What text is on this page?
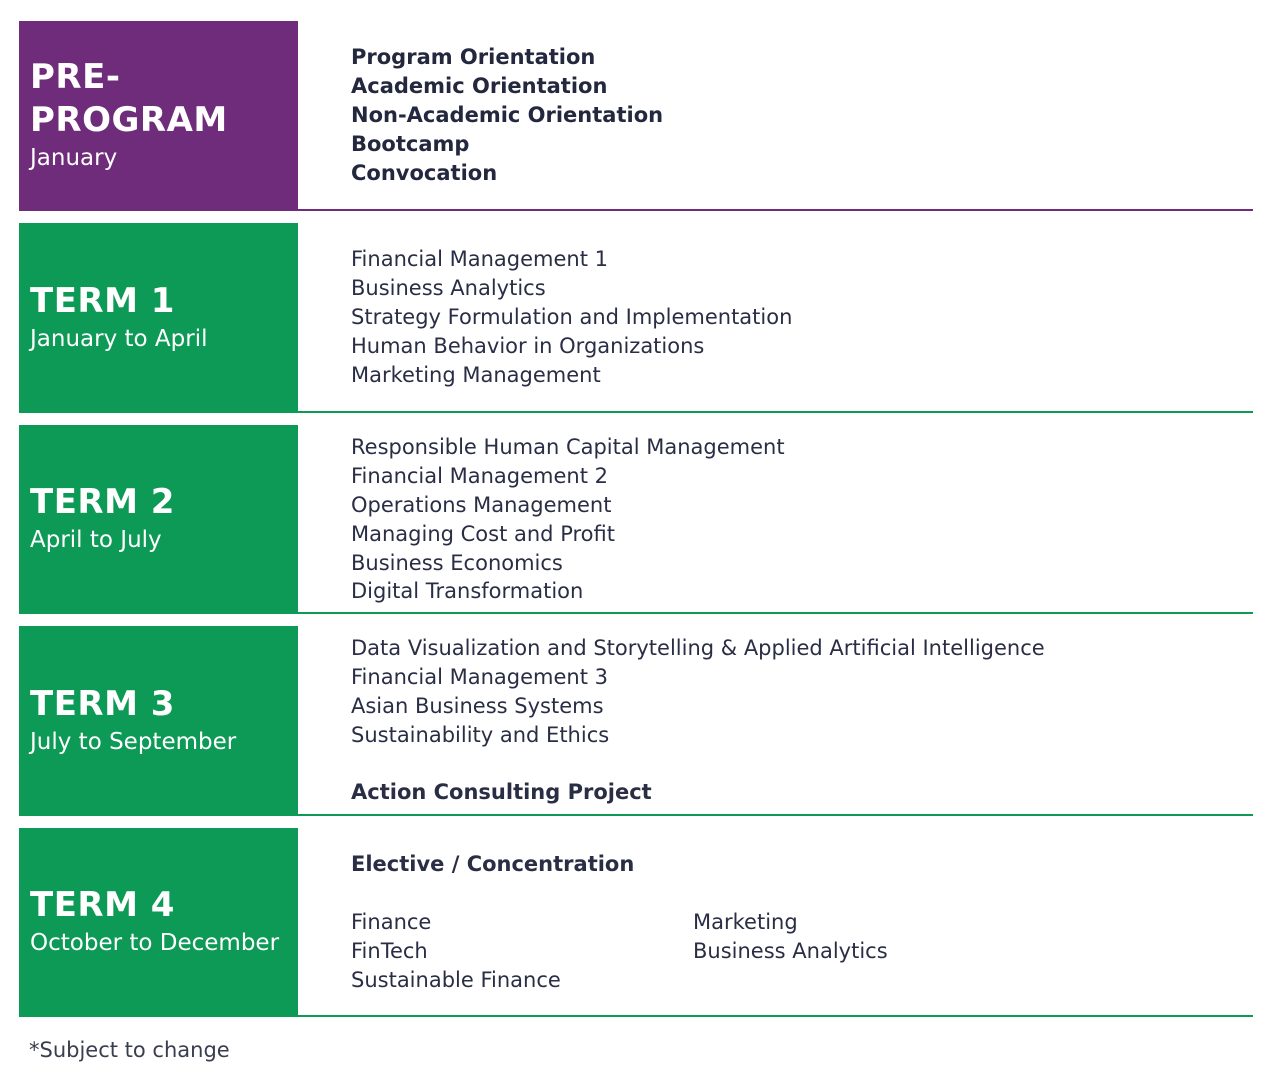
PRE-
PROGRAM
January
Program Orientation
Academic Orientation
Non-Academic Orientation
Bootcamp
Convocation
TERM 1
January to April
Financial Management 1
Business Analytics
Strategy Formulation and Implementation
Human Behavior in Organizations
Marketing Management
TERM 2
April to July
Responsible Human Capital Management
Financial Management 2
Operations Management
Managing Cost and Profit
Business Economics
Digital Transformation
TERM 3
July to September
Data Visualization and Storytelling & Applied Artificial Intelligence
Financial Management 3
Asian Business Systems
Sustainability and Ethics
Action Consulting Project
TERM 4
October to December
Elective / Concentration
Finance
FinTech
Sustainable Finance
Marketing
Business Analytics
*Subject to change
